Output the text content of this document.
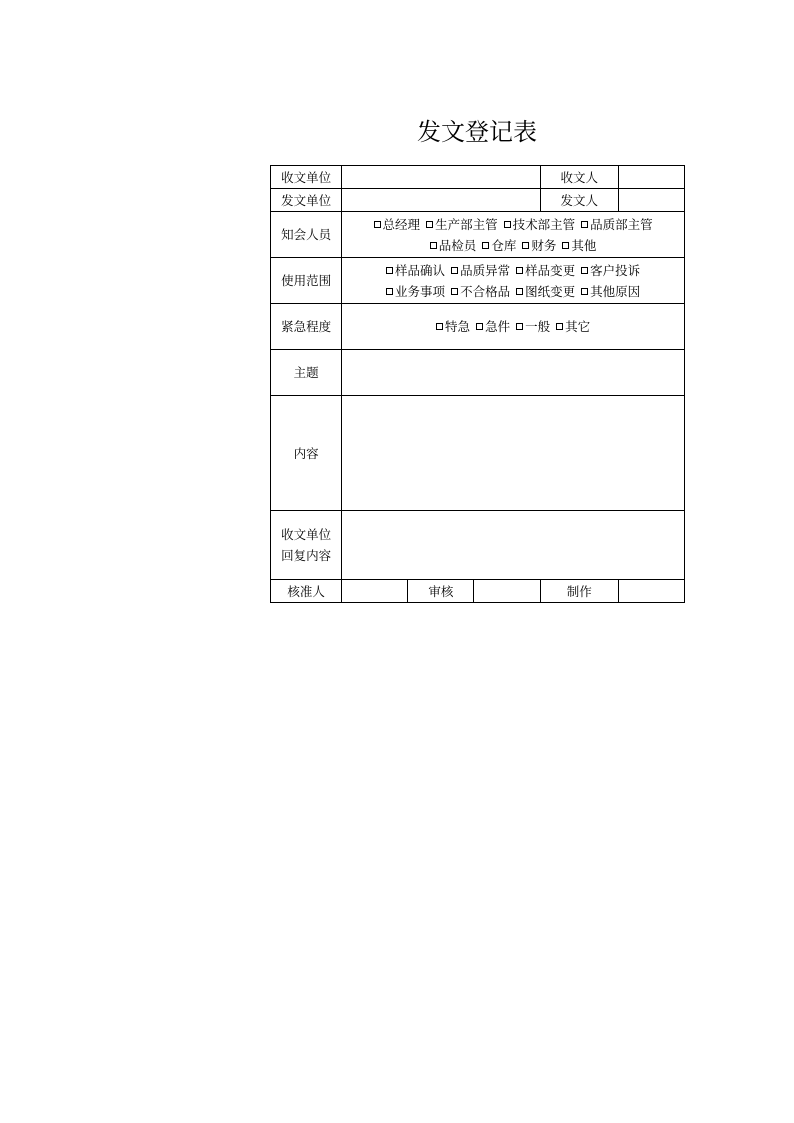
发文登记表
收文单位				收文人	
发文单位				发文人	
知会人员	总经理 生产部主管 技术部主管 品质部主管
品检员 仓库 财务 其他				

使用范围	样品确认 品质异常 样品变更 客户投诉
业务事项 不合格品 图纸变更 其他原因				

紧急程度	特急 急件 一般 其它				

主题					
内容					

收文单位
回复内容					

核准人		审核		制作	
